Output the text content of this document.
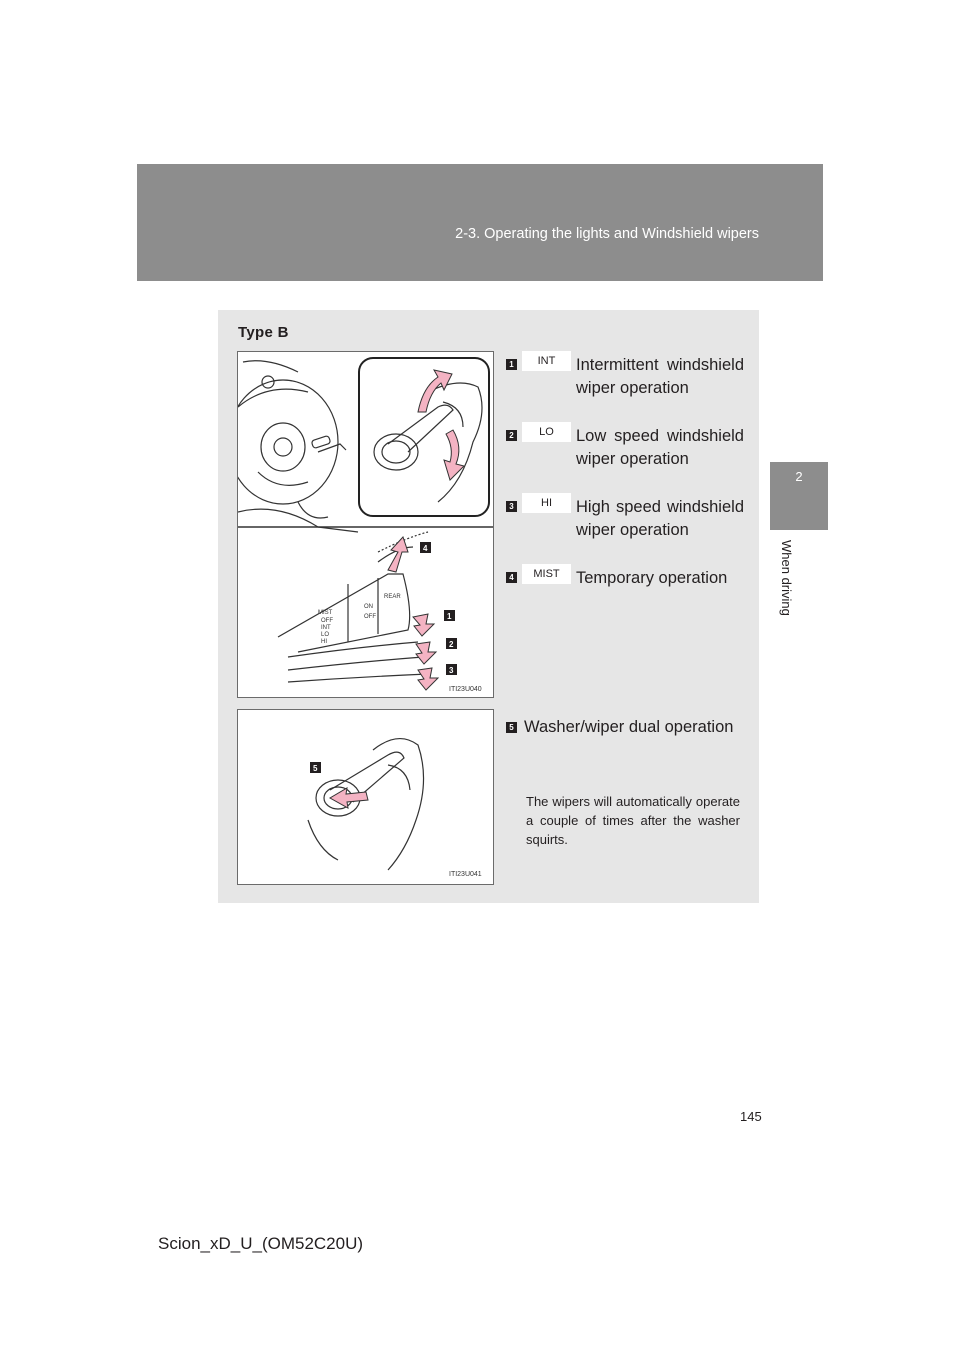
2-3. Operating the lights and Windshield wipers
2
When driving
Type B
MIST
OFF
INT
LO
HI
ON
OFF
REAR
4
1
2
3
ITI23U040
1	INT	Intermittent windshield wiper operation
2	LO	Low speed windshield wiper operation
3	HI	High speed windshield wiper operation
4	MIST Temporary operation
5
ITI23U041
5 Washer/wiper dual operation
The wipers will automatically operate a couple of times after the washer squirts.
145
Scion_xD_U_(OM52C20U)
